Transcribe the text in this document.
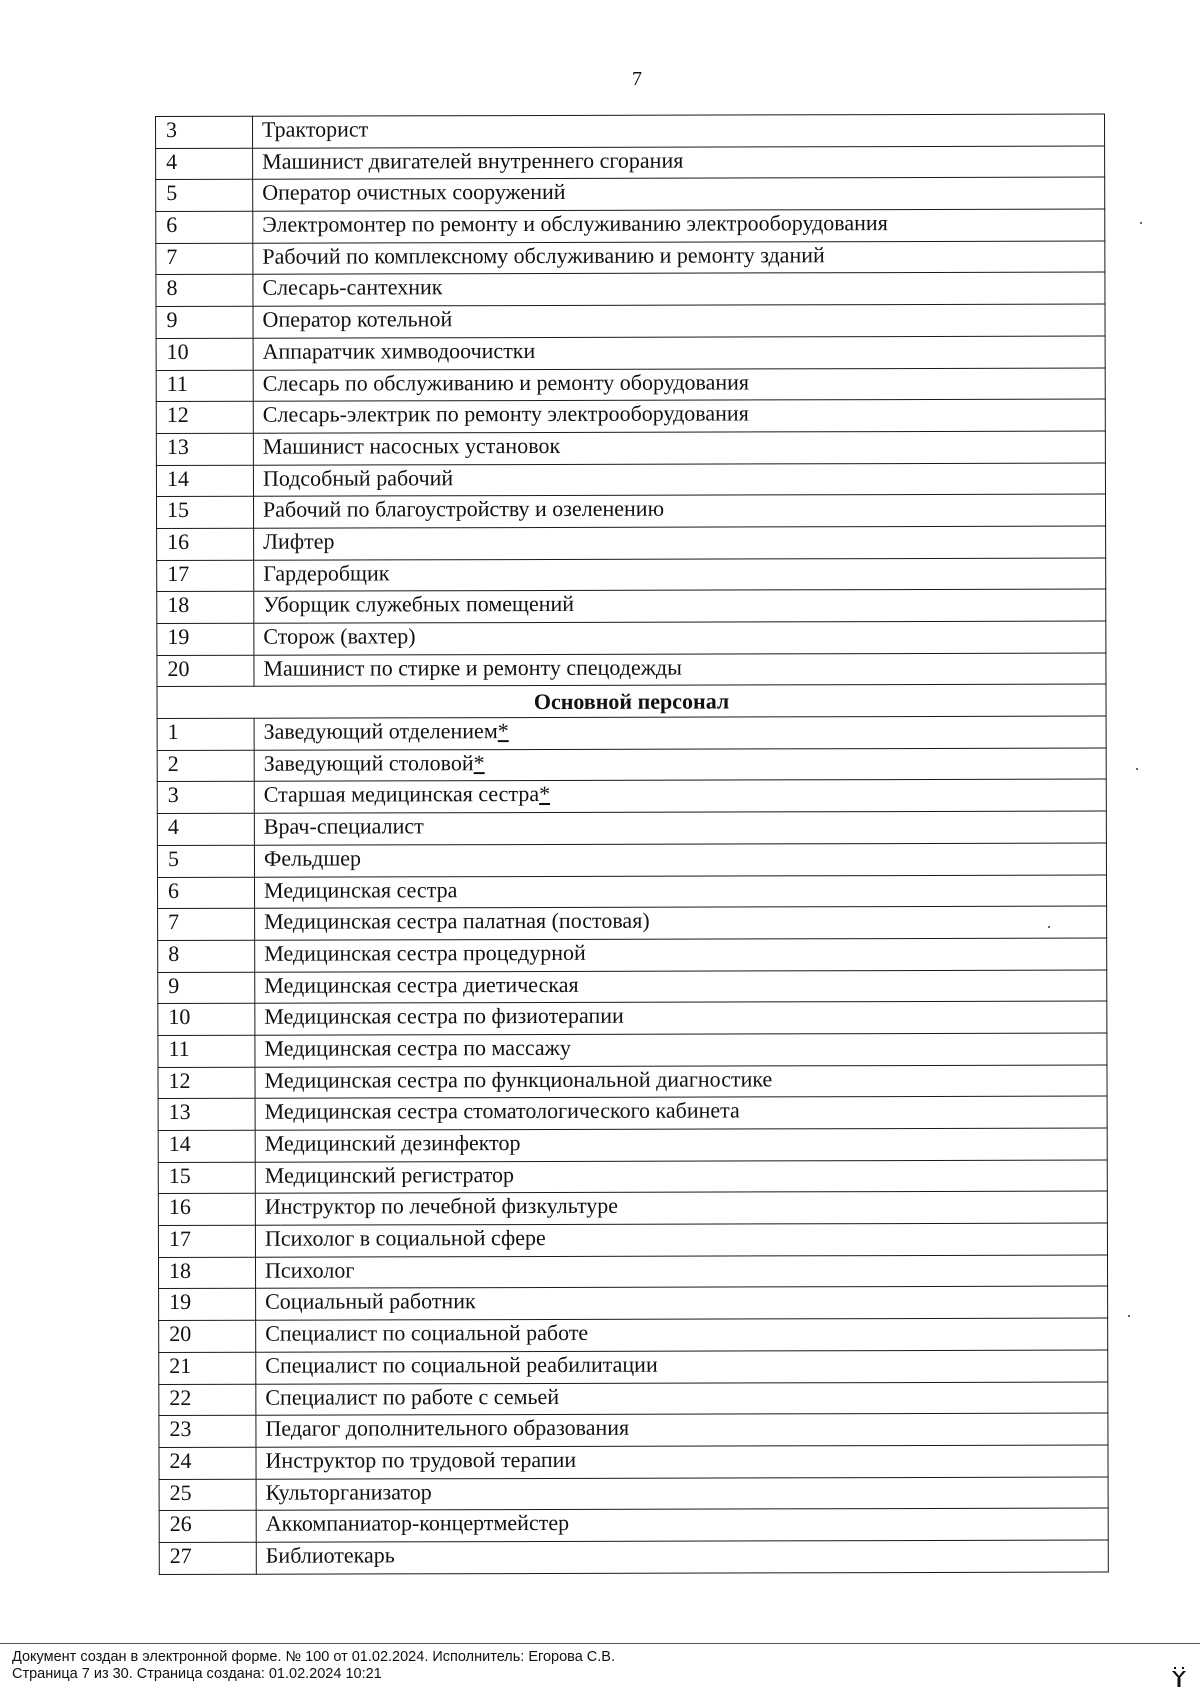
7
3	Тракторист
4	Машинист двигателей внутреннего сгорания
5	Оператор очистных сооружений
6	Электромонтер по ремонту и обслуживанию электрооборудования
7	Рабочий по комплексному обслуживанию и ремонту зданий
8	Слесарь-сантехник
9	Оператор котельной
10	Аппаратчик химводоочистки
11	Слесарь по обслуживанию и ремонту оборудования
12	Слесарь-электрик по ремонту электрооборудования
13	Машинист насосных установок
14	Подсобный рабочий
15	Рабочий по благоустройству и озеленению
16	Лифтер
17	Гардеробщик
18	Уборщик служебных помещений
19	Сторож (вахтер)
20	Машинист по стирке и ремонту спецодежды
Основной персонал	
1	Заведующий отделением*
2	Заведующий столовой*
3	Старшая медицинская сестра*
4	Врач-специалист
5	Фельдшер
6	Медицинская сестра
7	Медицинская сестра палатная (постовая)
8	Медицинская сестра процедурной
9	Медицинская сестра диетическая
10	Медицинская сестра по физиотерапии
11	Медицинская сестра по массажу
12	Медицинская сестра по функциональной диагностике
13	Медицинская сестра стоматологического кабинета
14	Медицинский дезинфектор
15	Медицинский регистратор
16	Инструктор по лечебной физкультуре
17	Психолог в социальной сфере
18	Психолог
19	Социальный работник
20	Специалист по социальной работе
21	Специалист по социальной реабилитации
22	Специалист по работе с семьей
23	Педагог дополнительного образования
24	Инструктор по трудовой терапии
25	Культорганизатор
26	Аккомпаниатор-концертмейстер
27	Библиотекарь
Документ создан в электронной форме. № 100 от 01.02.2024. Исполнитель: Егорова С.В.
Страница 7 из 30. Страница создана: 01.02.2024 10:21
